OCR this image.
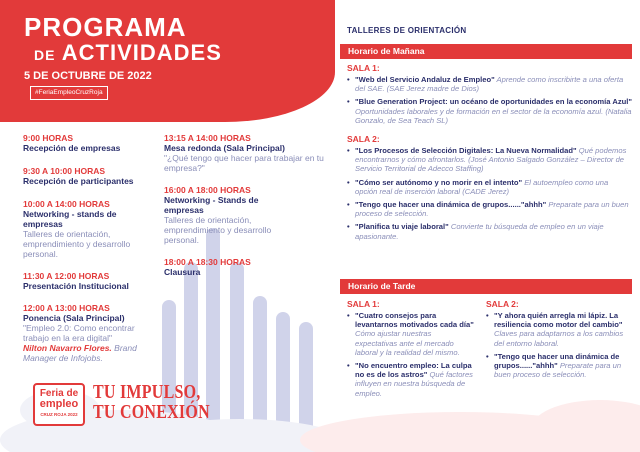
PROGRAMA
DE ACTIVIDADES
5 DE OCTUBRE DE 2022
#FeriaEmpleoCruzRoja
9:00 HORAS
Recepción de empresas
9:30 A 10:00 HORAS
Recepción de participantes
10:00 A 14:00 HORAS
Networking - stands de empresas
Talleres de orientación, emprendimiento y desarrollo personal.
11:30 A 12:00 HORAS
Presentación Institucional
12:00 A 13:00 HORAS
Ponencia (Sala Principal)
"Empleo 2.0: Como encontrar trabajo en la era digital"
Nilton Navarro Flores. Brand Manager de Infojobs.
13:15 A 14:00 HORAS
Mesa redonda (Sala Principal)
"¿Qué tengo que hacer para trabajar en tu empresa?"
16:00 A 18:00 HORAS
Networking - Stands de empresas
Talleres de orientación, emprendimiento y desarrollo personal.
18:00 A 18:30 HORAS
Clausura
TALLERES DE ORIENTACIÓN
Horario de Mañana
SALA 1:
• "Web del Servicio Andaluz de Empleo" Aprende como inscribirte a una oferta del SAE. (SAE Jerez madre de Dios)
• "Blue Generation Project: un océano de oportunidades en la economía Azul" Oportunidades laborales y de formación en el sector de la economía azul. (Natalia Gonzalo, de Sea Teach SL)
SALA 2:
• "Los Procesos de Selección Digitales: La Nueva Normalidad" Qué podemos encontrarnos y cómo afrontarlos. (José Antonio Salgado González – Director de Servicio Territorial de Adecco Staffing)
• "Cómo ser autónomo y no morir en el intento" El autoempleo como una opción real de inserción laboral (CADE Jerez)
• "Tengo que hacer una dinámica de grupos......"ahhh" Preparate para un buen proceso de selección.
• "Planifica tu viaje laboral" Convierte tu búsqueda de empleo en un viaje apasionante.
Horario de Tarde
SALA 1:
• "Cuatro consejos para levantarnos motivados cada día" Cómo ajustar nuestras expectativas ante el mercado laboral y la realidad del mismo.
• "No encuentro empleo: La culpa no es de los astros" Qué factores influyen en nuestra búsqueda de empleo.
SALA 2:
• "Y ahora quién arregla mi lápiz. La resiliencia como motor del cambio" Claves para adaptarnos a los cambios del entorno laboral.
• "Tengo que hacer una dinámica de grupos......"ahhh" Preparate para un buen proceso de selección.
Feria de
empleo
CRUZ ROJA 2022
TU IMPULSO,
TU CONEXIÓN
